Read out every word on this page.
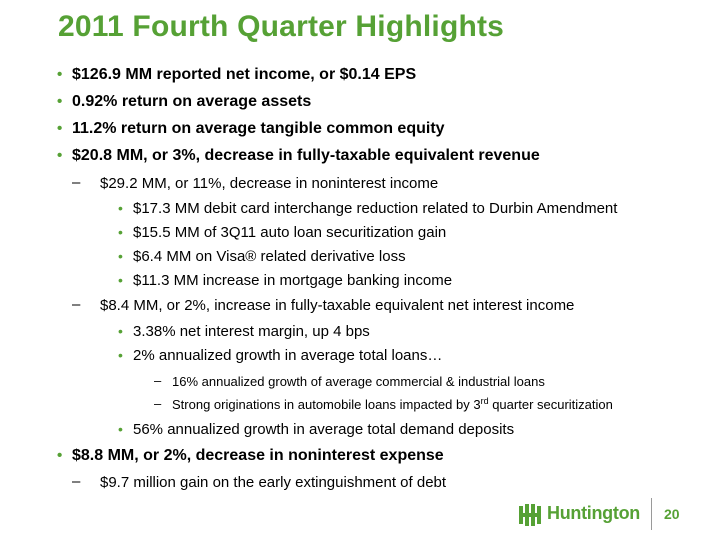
2011 Fourth Quarter Highlights
• $126.9 MM reported net income, or $0.14 EPS
• 0.92% return on average assets
• 11.2% return on average tangible common equity
• $20.8 MM, or 3%, decrease in fully-taxable equivalent revenue
– $29.2 MM, or 11%, decrease in noninterest income
• $17.3 MM debit card interchange reduction related to Durbin Amendment
• $15.5 MM of 3Q11 auto loan securitization gain
• $6.4 MM on Visa® related derivative loss
• $11.3 MM increase in mortgage banking income
– $8.4 MM, or 2%, increase in fully-taxable equivalent net interest income
• 3.38% net interest margin, up 4 bps
• 2% annualized growth in average total loans…
– 16% annualized growth of average commercial & industrial loans
– Strong originations in automobile loans impacted by 3rd quarter securitization
• 56% annualized growth in average total demand deposits
• $8.8 MM, or 2%, decrease in noninterest expense
– $9.7 million gain on the early extinguishment of debt
Huntington 20
